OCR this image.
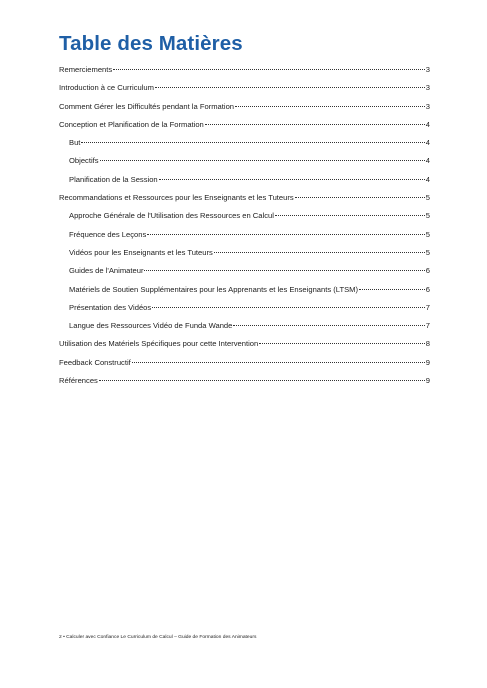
Table des Matières
Remerciements	3
Introduction à ce Curriculum	3
Comment Gérer les Difficultés pendant la Formation	3
Conception et Planification de la Formation	4
But	4
Objectifs	4
Planification de la Session	4
Recommandations et Ressources pour les Enseignants et les Tuteurs	5
Approche Générale de l'Utilisation des Ressources en Calcul	5
Fréquence des Leçons	5
Vidéos pour les Enseignants et les Tuteurs	5
Guides de l'Animateur	6
Matériels de Soutien Supplémentaires pour les Apprenants et les Enseignants (LTSM)	6
Présentation des Vidéos	7
Langue des Ressources Vidéo de Funda Wande	7
Utilisation des Matériels Spécifiques pour cette Intervention	8
Feedback Constructif	9
Références	9
2 • Calculer avec Confiance Le Curriculum de Calcul – Guide de Formation des Animateurs
